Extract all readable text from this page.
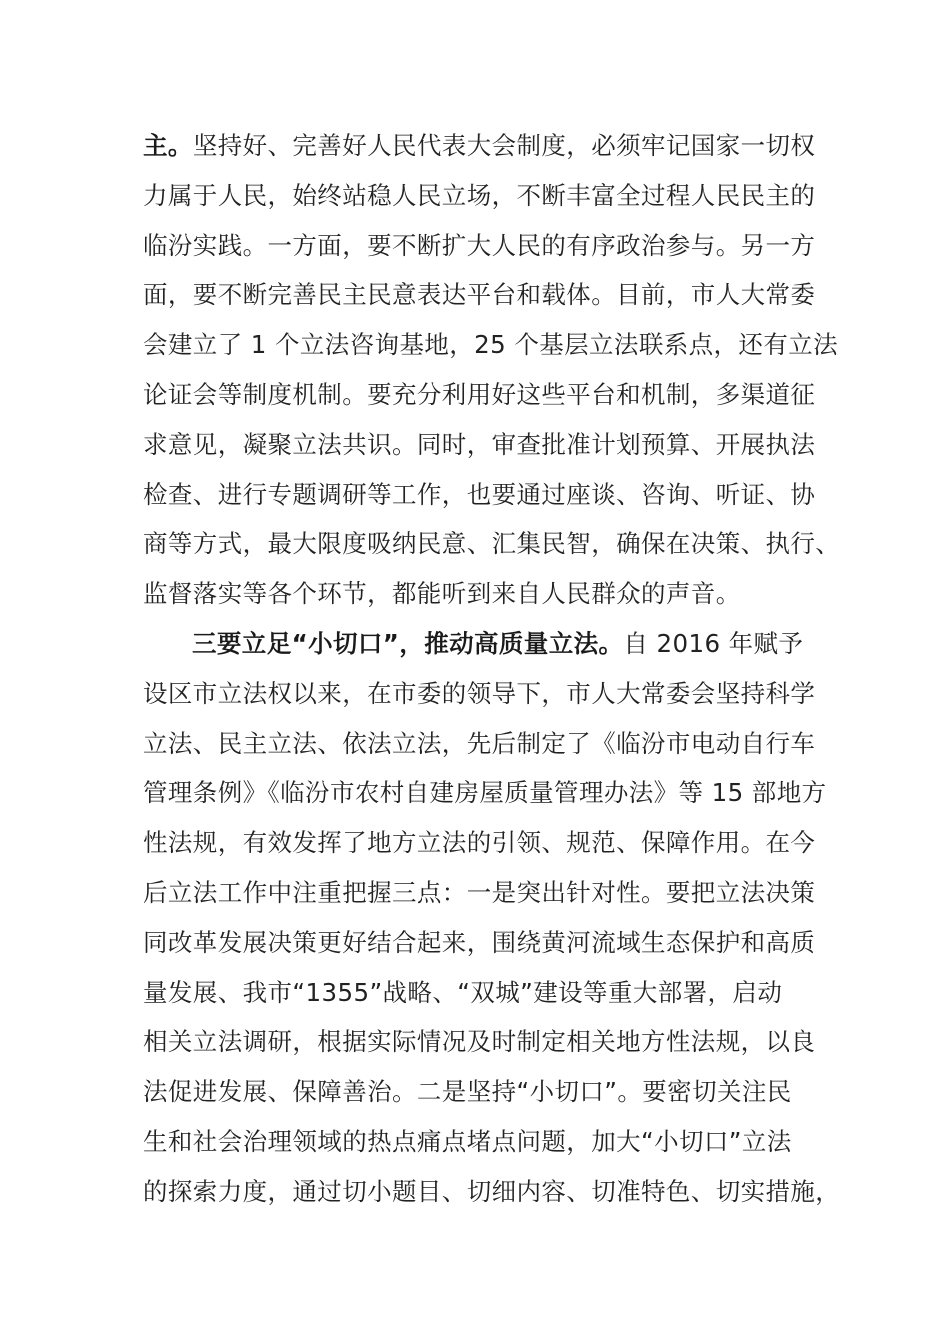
主。坚持好、完善好人民代表大会制度，必须牢记国家一切权
力属于人民，始终站稳人民立场，不断丰富全过程人民民主的
临汾实践。一方面，要不断扩大人民的有序政治参与。另一方
面，要不断完善民主民意表达平台和载体。目前，市人大常委
会建立了 1 个立法咨询基地，25 个基层立法联系点，还有立法
论证会等制度机制。要充分利用好这些平台和机制，多渠道征
求意见，凝聚立法共识。同时，审查批准计划预算、开展执法
检查、进行专题调研等工作，也要通过座谈、咨询、听证、协
商等方式，最大限度吸纳民意、汇集民智，确保在决策、执行、
监督落实等各个环节，都能听到来自人民群众的声音。
三要立足“小切口”，推动高质量立法。自 2016 年赋予
设区市立法权以来，在市委的领导下，市人大常委会坚持科学
立法、民主立法、依法立法，先后制定了《临汾市电动自行车
管理条例》《临汾市农村自建房屋质量管理办法》等 15 部地方
性法规，有效发挥了地方立法的引领、规范、保障作用。在今
后立法工作中注重把握三点：一是突出针对性。要把立法决策
同改革发展决策更好结合起来，围绕黄河流域生态保护和高质
量发展、我市“1355”战略、“双城”建设等重大部署，启动
相关立法调研，根据实际情况及时制定相关地方性法规，以良
法促进发展、保障善治。二是坚持“小切口”。要密切关注民
生和社会治理领域的热点痛点堵点问题，加大“小切口”立法
的探索力度，通过切小题目、切细内容、切准特色、切实措施，
